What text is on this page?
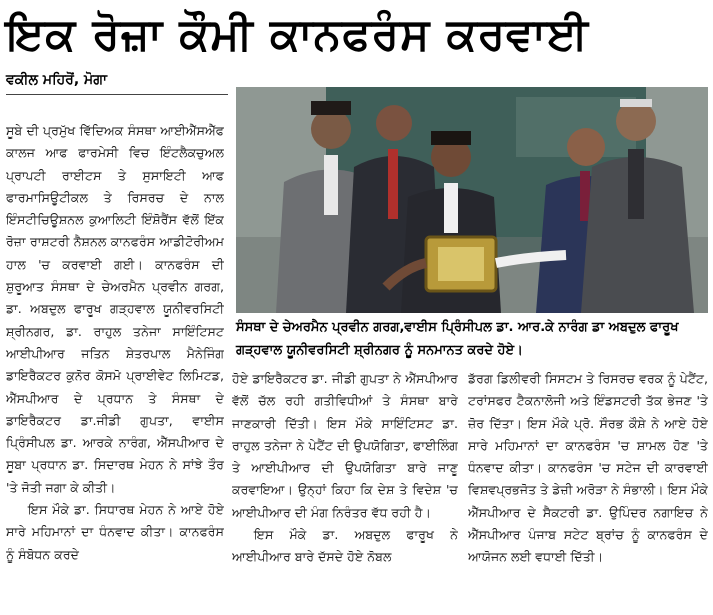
ਇਕ ਰੋਜ਼ਾ ਕੌਮੀ ਕਾਨਫਰੰਸ ਕਰਵਾਈ
ਵਕੀਲ ਮਹਿਰੋਂ, ਮੋਗਾ

ਸੂਬੇ ਦੀ ਪ੍ਰਮੁੱਖ ਵਿੱਦਿਅਕ ਸੰਸਥਾ ਆਈਐੱਸਐੱਫ ਕਾਲਜ ਆਫ ਫਾਰਮੇਸੀ ਵਿਚ ਇੰਟਲੈਕਚੁਅਲ ਪ੍ਰਾਪਟੀ ਰਾਈਟਸ ਤੇ ਸੁਸਾਇਟੀ ਆਫ ਫਾਰਮਾਸਿਊਟੀਕਲ ਤੇ ਰਿਸਰਚ ਦੇ ਨਾਲ ਇੰਸਟੀਚਿਊਸ਼ਨਲ ਕੁਆਲਿਟੀ ਇੰਸ਼ੋਰੈਂਸ ਵੱਲੋਂ ਇੱਕ ਰੋਜ਼ਾ ਰਾਸ਼ਟਰੀ ਨੈਸ਼ਨਲ ਕਾਨਫਰੰਸ ਆਡੀਟੋਰੀਅਮ ਹਾਲ 'ਚ ਕਰਵਾਈ ਗਈ। ਕਾਨਫਰੰਸ ਦੀ ਸ਼ੁਰੂਆਤ ਸੰਸਥਾ ਦੇ ਚੇਅਰਮੈਨ ਪ੍ਰਵੀਨ ਗਰਗ, ਡਾ. ਅਬਦੁਲ ਫਾਰੂਖ ਗੜ੍ਹਵਾਲ ਯੂਨੀਵਰਸਿਟੀ ਸ਼੍ਰੀਨਗਰ, ਡਾ. ਰਾਹੁਲ ਤਨੇਜਾ ਸਾਇੰਟਿਸਟ ਆਈਪੀਆਰ ਜਤਿਨ ਸ਼ੇਤਰਪਾਲ ਮੈਨੇਜਿੰਗ ਡਾਇਰੈਕਟਰ ਕੁਨੋਰ ਕੋਸਮੋ ਪ੍ਰਾਈਵੇਟ ਲਿਮਿਟਡ, ਐੱਸਪੀਆਰ ਦੇ ਪ੍ਰਧਾਨ ਤੇ ਸੰਸਥਾ ਦੇ ਡਾਇਰੈਕਟਰ ਡਾ.ਜੀਡੀ ਗੁਪਤਾ, ਵਾਈਸ ਪ੍ਰਿੰਸੀਪਲ ਡਾ. ਆਰਕੇ ਨਾਰੰਗ, ਐੱਸਪੀਆਰ ਦੇ ਸੂਬਾ ਪ੍ਰਧਾਨ ਡਾ. ਸਿਦਾਰਥ ਮੇਹਨ ਨੇ ਸਾਂਝੇ ਤੌਰ 'ਤੇ ਜੋਤੀ ਜਗਾ ਕੇ ਕੀਤੀ।

ਇਸ ਮੌਕੇ ਡਾ. ਸਿਧਾਰਥ ਮੇਹਨ ਨੇ ਆਏ ਹੋਏ ਸਾਰੇ ਮਹਿਮਾਨਾਂ ਦਾ ਧੰਨਵਾਦ ਕੀਤਾ। ਕਾਨਫਰੰਸ ਨੂੰ ਸੰਬੋਧਨ ਕਰਦੇ

ਸੰਸਥਾ ਦੇ ਚੇਅਰਮੈਨ ਪ੍ਰਵੀਨ ਗਰਗ,ਵਾਈਸ ਪ੍ਰਿੰਸੀਪਲ ਡਾ. ਆਰ.ਕੇ ਨਾਰੰਗ ਡਾ ਅਬਦੁਲ ਫਾਰੂਖ ਗੜ੍ਹਵਾਲ ਯੂਨੀਵਰਸਿਟੀ ਸ਼੍ਰੀਨਗਰ ਨੂੰ ਸਨਮਾਨਤ ਕਰਦੇ ਹੋਏ।

ਹੋਏ ਡਾਇਰੈਕਟਰ ਡਾ. ਜੀਡੀ ਗੁਪਤਾ ਨੇ ਐੱਸਪੀਆਰ ਵੱਲੋਂ ਚੱਲ ਰਹੀ ਗਤੀਵਿਧੀਆਂ ਤੇ ਸੰਸਥਾ ਬਾਰੇ ਜਾਣਕਾਰੀ ਦਿੱਤੀ। ਇਸ ਮੌਕੇ ਸਾਇੰਟਿਸਟ ਡਾ. ਰਾਹੁਲ ਤਨੇਜਾ ਨੇ ਪੇਟੈਂਟ ਦੀ ਉਪਯੋਗਿਤਾ, ਫਾਈਲਿੰਗ ਤੇ ਆਈਪੀਆਰ ਦੀ ਉਪਯੋਗਿਤਾ ਬਾਰੇ ਜਾਣੂ ਕਰਵਾਇਆ। ਉਨ੍ਹਾਂ ਕਿਹਾ ਕਿ ਦੇਸ਼ ਤੇ ਵਿਦੇਸ਼ 'ਚ ਆਈਪੀਆਰ ਦੀ ਮੰਗ ਨਿਰੰਤਰ ਵੱਧ ਰਹੀ ਹੈ।

ਇਸ ਮੌਕੇ ਡਾ. ਅਬਦੁਲ ਫਾਰੂਖ ਨੇ ਆਈਪੀਆਰ ਬਾਰੇ ਦੱਸਦੇ ਹੋਏ ਨੋਬਲ

ਡੱਰਗ ਡਿਲੀਵਰੀ ਸਿਸਟਮ ਤੇ ਰਿਸਰਚ ਵਰਕ ਨੂੰ ਪੇਟੈਂਟ, ਟਰਾਂਸਫਰ ਟੈਕਨਾਲੋਜੀ ਅਤੇ ਇੰਡਸਟਰੀ ਤੱਕ ਭੇਜਣ 'ਤੇ ਜ਼ੋਰ ਦਿੱਤਾ। ਇਸ ਮੌਕੇ ਪ੍ਰੋ. ਸੌਰਭ ਕੌਸ਼ੇ ਨੇ ਆਏ ਹੋਏ ਸਾਰੇ ਮਹਿਮਾਨਾਂ ਦਾ ਕਾਨਫਰੰਸ 'ਚ ਸ਼ਾਮਲ ਹੋਣ 'ਤੇ ਧੰਨਵਾਦ ਕੀਤਾ। ਕਾਨਫਰੰਸ 'ਚ ਸਟੇਜ ਦੀ ਕਾਰਵਾਈ ਵਿਸ਼ਵਪ੍ਰਭਜੋਤ ਤੇ ਡੇਜ਼ੀ ਅਰੋੜਾ ਨੇ ਸੰਭਾਲੀ। ਇਸ ਮੌਕੇ ਐੱਸਪੀਆਰ ਦੇ ਸੈਕਟਰੀ ਡਾ. ਉਪਿੰਦਰ ਨਗਾਇਚ ਨੇ ਐੱਸਪੀਆਰ ਪੰਜਾਬ ਸਟੇਟ ਬ੍ਰਾਂਚ ਨੂੰ ਕਾਨਫਰੰਸ ਦੇ ਆਯੋਜਨ ਲਈ ਵਧਾਈ ਦਿੱਤੀ।
